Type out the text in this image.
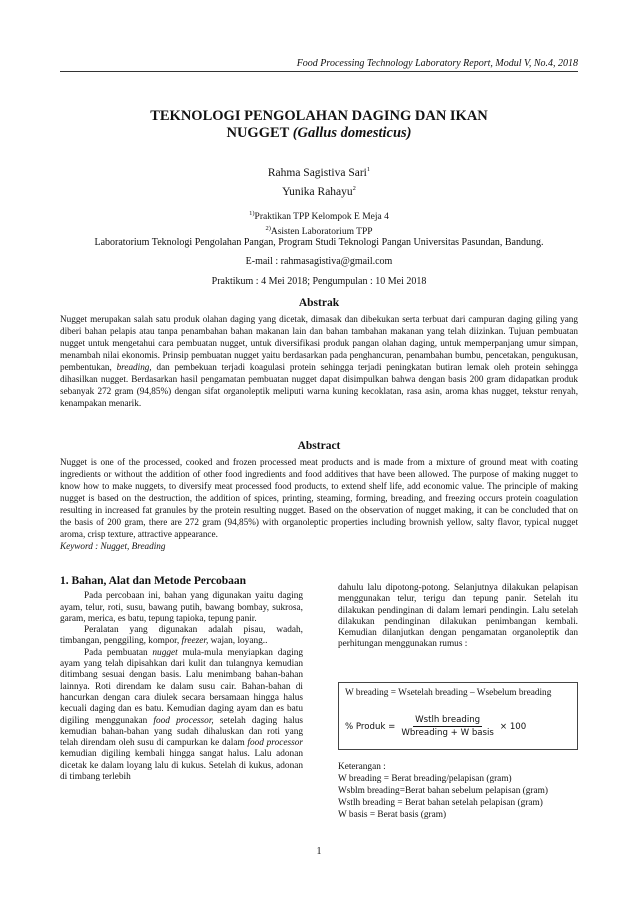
Food Processing Technology Laboratory Report, Modul V, No.4, 2018
TEKNOLOGI PENGOLAHAN DAGING DAN IKAN
NUGGET (Gallus domesticus)
Rahma Sagistiva Sari$^1$
Yunika Rahayu$^2$
$^{1)}$Praktikan TPP Kelompok E Meja 4
$^{2)}$Asisten Laboratorium TPP
Laboratorium Teknologi Pengolahan Pangan, Program Studi Teknologi Pangan Universitas Pasundan, Bandung.
E-mail : rahmasagistiva@gmail.com
Praktikum : 4 Mei 2018; Pengumpulan : 10 Mei 2018
Abstrak
Nugget merupakan salah satu produk olahan daging yang dicetak, dimasak dan dibekukan serta terbuat dari campuran daging giling yang diberi bahan pelapis atau tanpa penambahan bahan makanan lain dan bahan tambahan makanan yang telah diizinkan. Tujuan pembuatan nugget untuk mengetahui cara pembuatan nugget, untuk diversifikasi produk pangan olahan daging, untuk memperpanjang umur simpan, menambah nilai ekonomis. Prinsip pembuatan nugget yaitu berdasarkan pada penghancuran, penambahan bumbu, pencetakan, pengukusan, pembentukan, breading, dan pembekuan terjadi koagulasi protein sehingga terjadi peningkatan butiran lemak oleh protein sehingga dihasilkan nugget. Berdasarkan hasil pengamatan pembuatan nugget dapat disimpulkan bahwa dengan basis 200 gram didapatkan produk sebanyak 272 gram (94,85%) dengan sifat organoleptik meliputi warna kuning kecoklatan, rasa asin, aroma khas nugget, tekstur renyah, kenampakan menarik.
Abstract
Nugget is one of the processed, cooked and frozen processed meat products and is made from a mixture of ground meat with coating ingredients or without the addition of other food ingredients and food additives that have been allowed. The purpose of making nugget to know how to make nuggets, to diversify meat processed food products, to extend shelf life, add economic value. The principle of making nugget is based on the destruction, the addition of spices, printing, steaming, forming, breading, and freezing occurs protein coagulation resulting in increased fat granules by the protein resulting nugget. Based on the observation of nugget making, it can be concluded that on the basis of 200 gram, there are 272 gram (94,85%) with organoleptic properties including brownish yellow, salty flavor, typical nugget aroma, crisp texture, attractive appearance.
Keyword : Nugget, Breading
1. Bahan, Alat dan Metode Percobaan

Pada percobaan ini, bahan yang digunakan yaitu daging ayam, telur, roti, susu, bawang putih, bawang bombay, sukrosa, garam, merica, es batu, tepung tapioka, tepung panir.

Peralatan yang digunakan adalah pisau, wadah, timbangan, penggiling, kompor, freezer, wajan, loyang..

Pada pembuatan nugget mula-mula menyiapkan daging ayam yang telah dipisahkan dari kulit dan tulangnya kemudian ditimbang sesuai dengan basis. Lalu menimbang bahan-bahan lainnya. Roti direndam ke dalam susu cair. Bahan-bahan di hancurkan dengan cara diulek secara bersamaan hingga halus kecuali daging dan es batu. Kemudian daging ayam dan es batu digiling menggunakan food processor, setelah daging halus kemudian bahan-bahan yang sudah dihaluskan dan roti yang telah direndam oleh susu di campurkan ke dalam food processor kemudian digiling kembali hingga sangat halus. Lalu adonan dicetak ke dalam loyang lalu di kukus. Setelah di kukus, adonan di timbang terlebih

dahulu lalu dipotong-potong. Selanjutnya dilakukan pelapisan menggunakan telur, terigu dan tepung panir. Setelah itu dilakukan pendinginan di dalam lemari pendingin. Lalu setelah dilakukan pendinginan dilakukan penimbangan kembali. Kemudian dilanjutkan dengan pengamatan organoleptik dan perhitungan menggunakan rumus :

W breading = Wsetelah breading – Wsebelum breading
% Produk = $\frac{\text{Wstlh breading}}{\text{Wbreading + W basis}} \times 100$
Keterangan :
W breading = Berat breading/pelapisan (gram)
Wsblm breading=Berat bahan sebelum pelapisan (gram)
Wstlh breading = Berat bahan setelah pelapisan (gram)
W basis = Berat basis (gram)
1
